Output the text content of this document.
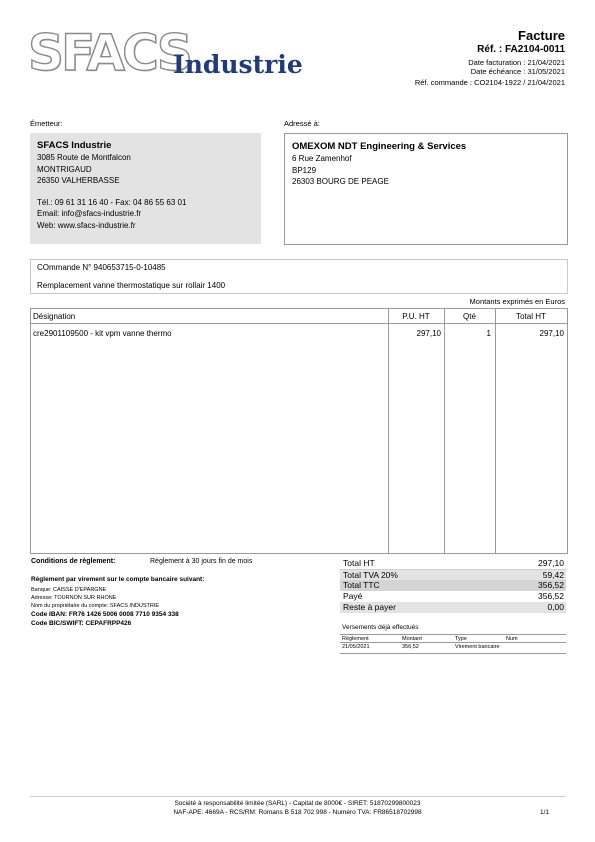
SFACS
Industrie
Facture
Réf. : FA2104-0011
Date facturation : 21/04/2021
Date échéance : 31/05/2021
Réf. commande : CO2104-1922 / 21/04/2021
Émetteur:
SFACS Industrie
3085 Route de Montfalcon
MONTRIGAUD
26350 VALHERBASSE
Tél.: 09 61 31 16 40 - Fax: 04 86 55 63 01
Email: info@sfacs-industrie.fr
Web: www.sfacs-industrie.fr
Adressé à:
OMEXOM NDT Engineering & Services
6 Rue Zamenhof
BP129
26303 BOURG DE PEAGE
COmmande N° 940653715-0-10485
Remplacement vanne thermostatique sur rollair 1400
Montants exprimés en Euros
Désignation	P.U. HT	Qté	Total HT
cre2901109500 - kit vpm vanne thermo	297,10	1	297,10
Conditions de règlement:	Règlement à 30 jours fin de mois
Règlement par virement sur le compte bancaire suivant:
Banque: CAISSE D'EPARGNE
Adresse: TOURNON SUR RHONE
Nom du propriétaire du compte: SFACS INDUSTRIE
Code IBAN: FR76 1426 5006 0008 7710 9354 338
Code BIC/SWIFT: CEPAFRPP426
Total HT	297,10
Total TVA 20%	59,42
Total TTC	356,52
Payé	356,52
Reste à payer	0,00
Versements déjà effectués
Règlement	Montant	Type	Num
21/05/2021	356,52	Virement bancaire
Société à responsabilité limitée (SARL) - Capital de 8000€ - SIRET: 51870299800023
NAF-APE: 4669A - RCS/RM: Romans B 518 702 998 - Numéro TVA: FR86518702998	1/1
